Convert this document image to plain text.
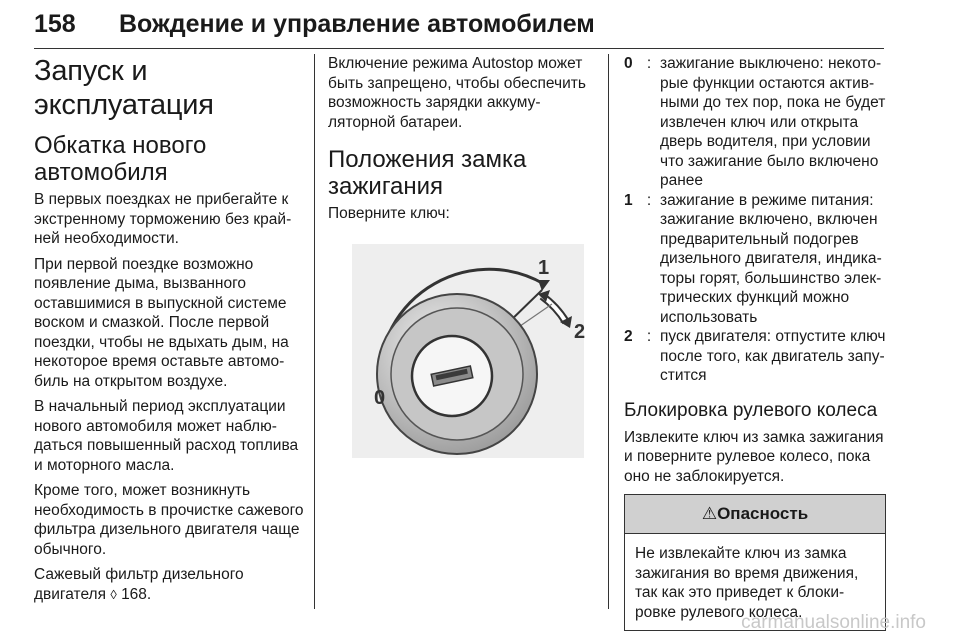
158 Вождение и управление автомобилем
Запуск и эксплуатация
Обкатка нового автомобиля

В первых поездках не прибегайте к экстренному торможению без крайней необходимости.

При первой поездке возможно появление дыма, вызванного оставшимися в выпускной системе воском и смазкой. После первой поездки, чтобы не вдыхать дым, на некоторое время оставьте автомобиль на открытом воздухе.

В начальный период эксплуатации нового автомобиля может наблюдаться повышенный расход топлива и моторного масла.

Кроме того, может возникнуть необходимость в прочистке сажевого фильтра дизельного двигателя чаще обычного.

Сажевый фильтр дизельного двигателя ◊ 168.

Включение режима Autostop может быть запрещено, чтобы обеспечить возможность зарядки аккумуляторной батареи.

Положения замка зажигания

Поверните ключ:

0
1
2
0 : зажигание выключено: некоторые функции остаются активными до тех пор, пока не будет извлечен ключ или открыта дверь водителя, при условии что зажигание было включено ранее
1 : зажигание в режиме питания: зажигание включено, включен предварительный подогрев дизельного двигателя, индикаторы горят, большинство электрических функций можно использовать
2 : пуск двигателя: отпустите ключ после того, как двигатель запустится
Блокировка рулевого колеса

Извлеките ключ из замка зажигания и поверните рулевое колесо, пока оно не заблокируется.

⚠Опасность

Не извлекайте ключ из замка зажигания во время движения, так как это приведет к блокировке рулевого колеса.

carmanualsonline.info
